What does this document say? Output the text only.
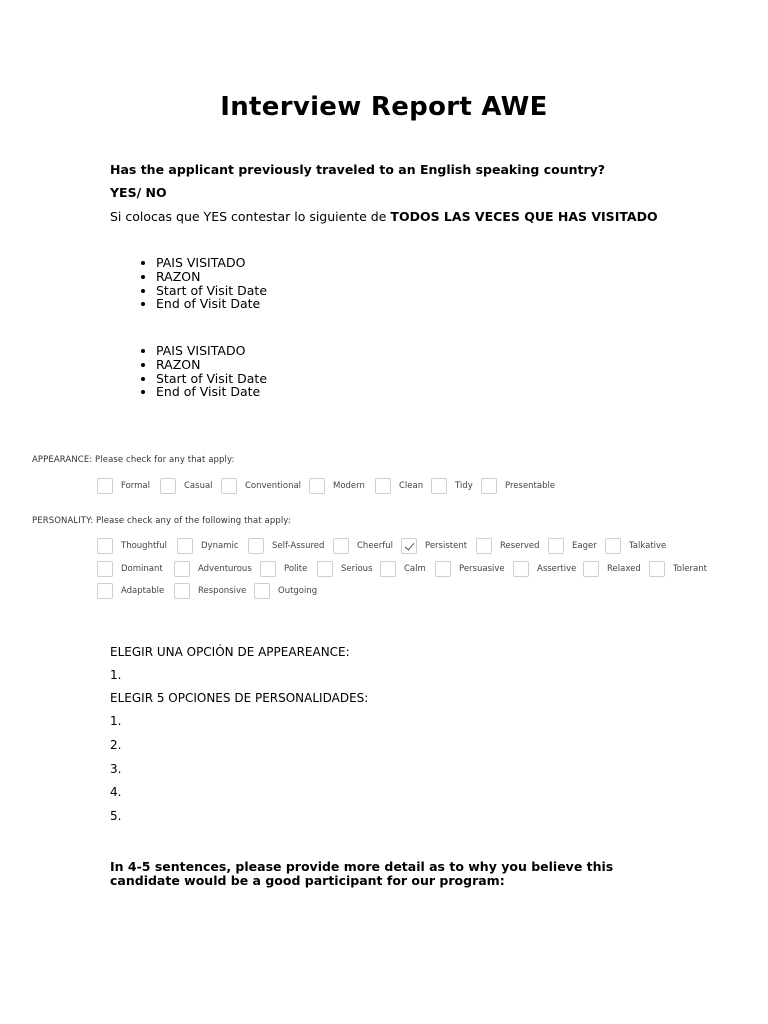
Interview Report AWE
Has the applicant previously traveled to an English speaking country?
YES/ NO
Si colocas que YES contestar lo siguiente de TODOS LAS VECES QUE HAS VISITADO
• PAIS VISITADO
• RAZON
• Start of Visit Date
• End of Visit Date
• PAIS VISITADO
• RAZON
• Start of Visit Date
• End of Visit Date
APPEARANCE: Please check for any that apply:
Formal	Casual	Conventional	Modern	Clean	Tidy	Presentable
PERSONALITY: Please check any of the following that apply:
Thoughtful	Dynamic	Self-Assured	Cheerful	Persistent	Reserved	Eager	Talkative
Dominant	Adventurous	Polite	Serious	Calm	Persuasive	Assertive	Relaxed	Tolerant
Adaptable	Responsive	Outgoing
ELEGIR UNA OPCIÓN DE APPEAREANCE:
1.
ELEGIR 5 OPCIONES DE PERSONALIDADES:
1.
2.
3.
4.
5.
In 4-5 sentences, please provide more detail as to why you believe this candidate would be a good participant for our program:
